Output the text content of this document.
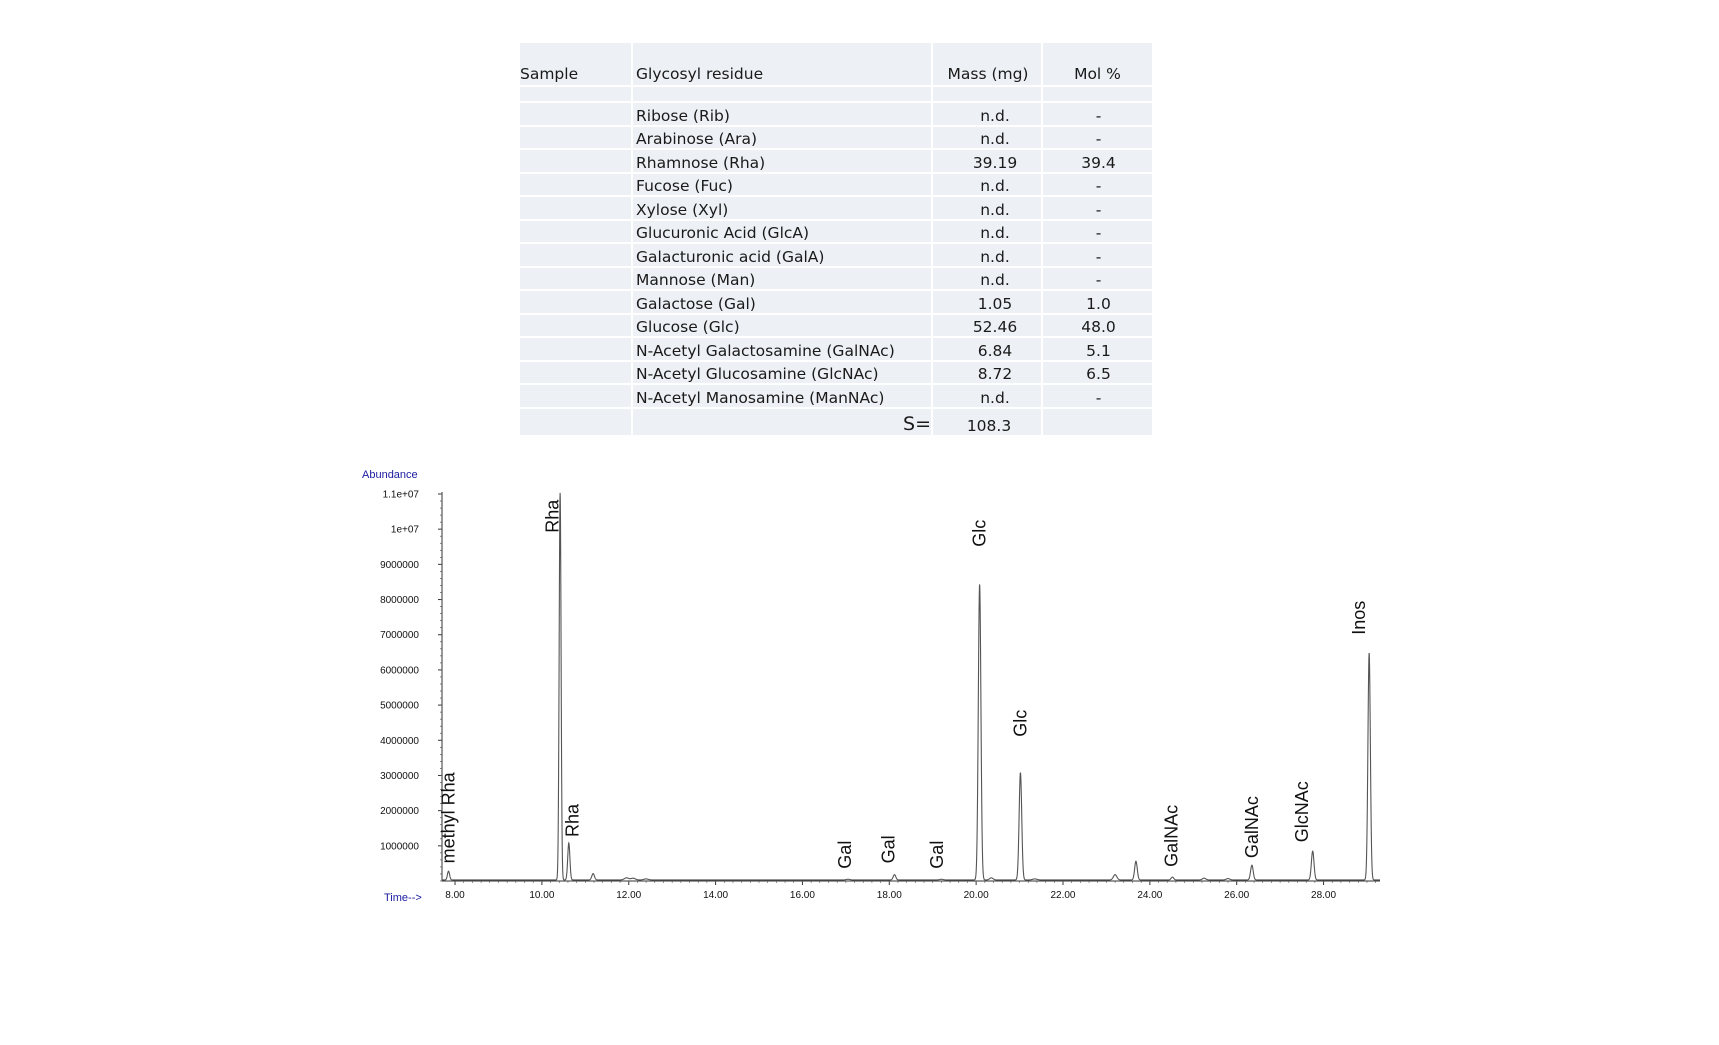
Sample	Glycosyl residue	Mass (mg)	Mol %

	Ribose (Rib)	n.d.	-
	Arabinose (Ara)	n.d.	-
	Rhamnose (Rha)	39.19	39.4
	Fucose (Fuc)	n.d.	-
	Xylose (Xyl)	n.d.	-
	Glucuronic Acid (GlcA)	n.d.	-
	Galacturonic acid (GalA)	n.d.	-
	Mannose (Man)	n.d.	-
	Galactose (Gal)	1.05	1.0
	Glucose (Glc)	52.46	48.0
	N-Acetyl Galactosamine (GalNAc)	6.84	5.1
	N-Acetyl Glucosamine (GlcNAc)	8.72	6.5
	N-Acetyl Manosamine (ManNAc)	n.d.	-
	S=	108.3	
Abundance
Time-->
1000000
2000000
3000000
4000000
5000000
6000000
7000000
8000000
9000000
1e+07
1.1e+07
8.00	10.00	12.00	14.00	16.00	18.00	20.00	22.00	24.00	26.00	28.00
methyl Rha
Rha
Rha
Gal Gal Gal
Glc
Glc
GalNAc	GalNAc GlcNAc
Inos
